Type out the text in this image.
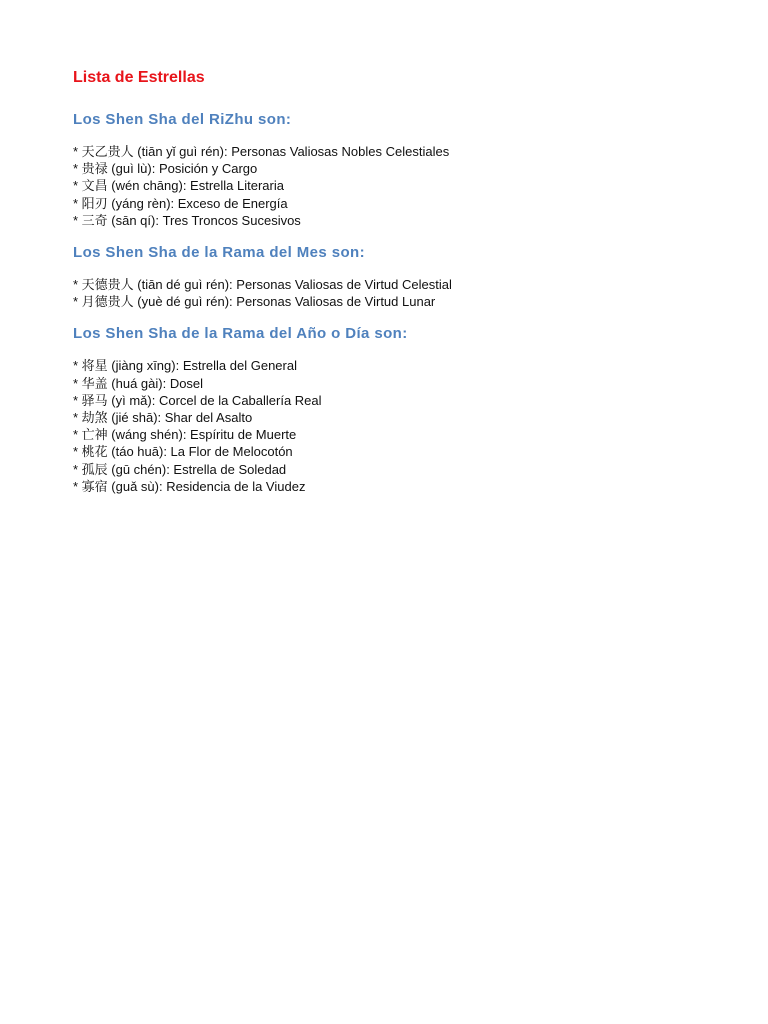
Lista de Estrellas
Los Shen Sha del RiZhu son:
* 天乙贵人 (tiān yǐ guì rén): Personas Valiosas Nobles Celestiales
* 贵禄 (guì lù): Posición y Cargo
* 文昌 (wén chāng): Estrella Literaria
* 阳刃 (yáng rèn): Exceso de Energía
* 三奇 (sān qí): Tres Troncos Sucesivos
Los Shen Sha de la Rama del Mes son:
* 天德贵人 (tiān dé guì rén): Personas Valiosas de Virtud Celestial
* 月德贵人 (yuè dé guì rén): Personas Valiosas de Virtud Lunar
Los Shen Sha de la Rama del Año o Día son:
* 将星 (jiàng xīng): Estrella del General
* 华盖 (huá gài): Dosel
* 驿马 (yì mǎ): Corcel de la Caballería Real
* 劫煞 (jié shā): Shar del Asalto
* 亡神 (wáng shén): Espíritu de Muerte
* 桃花 (táo huā): La Flor de Melocotón
* 孤辰 (gū chén): Estrella de Soledad
* 寡宿 (guǎ sù): Residencia de la Viudez
